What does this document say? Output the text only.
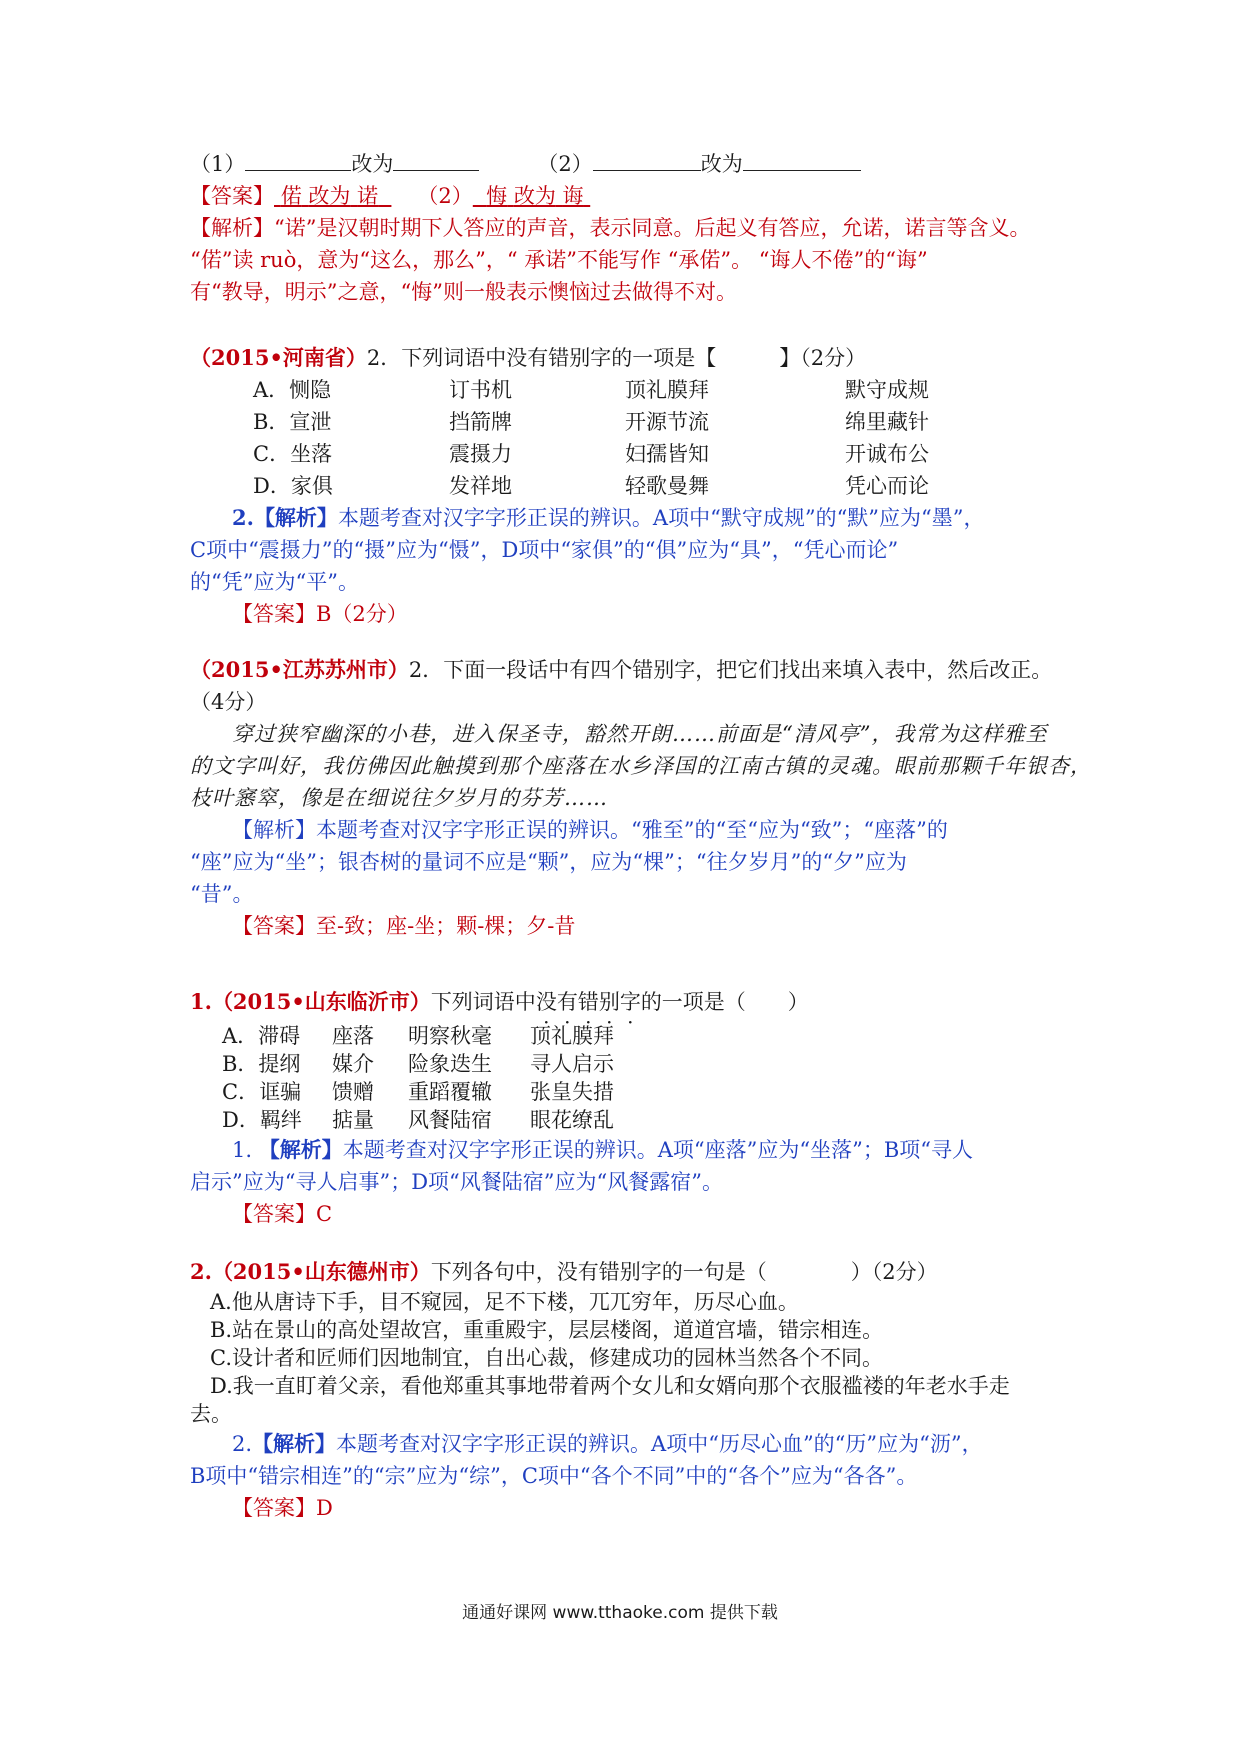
（1）	改为	（2）	改为
【答案】 偌 改为 诺 （2） 悔 改为 诲
【解析】“诺”是汉朝时期下人答应的声音，表示同意。后起义有答应，允诺，诺言等含义。
“偌”读 ruò，意为“这么，那么”，“ 承诺”不能写作 “承偌”。 “诲人不倦”的“诲”
有“教导，明示”之意，“悔”则一般表示懊恼过去做得不对。
（2015•河南省）2．下列词语中没有错别字的一项是【　　　】（2分）
A．恻隐	订书机	顶礼膜拜	默守成规
B．宣泄	挡箭牌	开源节流	绵里藏针
C．坐落	震摄力	妇孺皆知	开诚布公
D．家俱	发祥地	轻歌曼舞	凭心而论
2.【解析】本题考查对汉字字形正误的辨识。A项中“默守成规”的“默”应为“墨”，
C项中“震摄力”的“摄”应为“慑”，D项中“家俱”的“俱”应为“具”，“凭心而论”
的“凭”应为“平”。
【答案】B（2分）
（2015•江苏苏州市）2．下面一段话中有四个错别字，把它们找出来填入表中，然后改正。
（4分）
穿过狭窄幽深的小巷，进入保圣寺，豁然开朗……前面是“清风亭”，我常为这样雅至
的文字叫好，我仿佛因此触摸到那个座落在水乡泽国的江南古镇的灵魂。眼前那颗千年银杏，
枝叶窸窣，像是在细说往夕岁月的芬芳……
【解析】本题考查对汉字字形正误的辨识。“雅至”的“至“应为“致”；“座落”的
“座”应为“坐”；银杏树的量词不应是“颗”，应为“棵”；“往夕岁月”的“夕”应为
“昔”。
【答案】至-致；座-坐；颗-棵；夕-昔
1.（2015•山东临沂市）下列词语中没有错别字的一项是（　　）
A．滞碍	座落	明察秋毫	顶礼膜拜
B．提纲	媒介	险象迭生	寻人启示
C．诓骗	馈赠	重蹈覆辙	张皇失措
D．羁绊	掂量	风餐陆宿	眼花缭乱
1. 【解析】本题考查对汉字字形正误的辨识。A项“座落”应为“坐落”；B项“寻人
启示”应为“寻人启事”；D项“风餐陆宿”应为“风餐露宿”。
【答案】C
2.（2015•山东德州市）下列各句中，没有错别字的一句是（　　　　）（2分）
A.他从唐诗下手，目不窥园，足不下楼，兀兀穷年，历尽心血。
B.站在景山的高处望故宫，重重殿宇，层层楼阁，道道宫墙，错宗相连。
C.设计者和匠师们因地制宜，自出心裁，修建成功的园林当然各个不同。
D.我一直盯着父亲，看他郑重其事地带着两个女儿和女婿向那个衣服褴褛的年老水手走
去。
2.【解析】本题考查对汉字字形正误的辨识。A项中“历尽心血”的“历”应为“沥”，
B项中“错宗相连”的“宗”应为“综”，C项中“各个不同”中的“各个”应为“各各”。
【答案】D
通通好课网 www.tthaoke.com 提供下载
